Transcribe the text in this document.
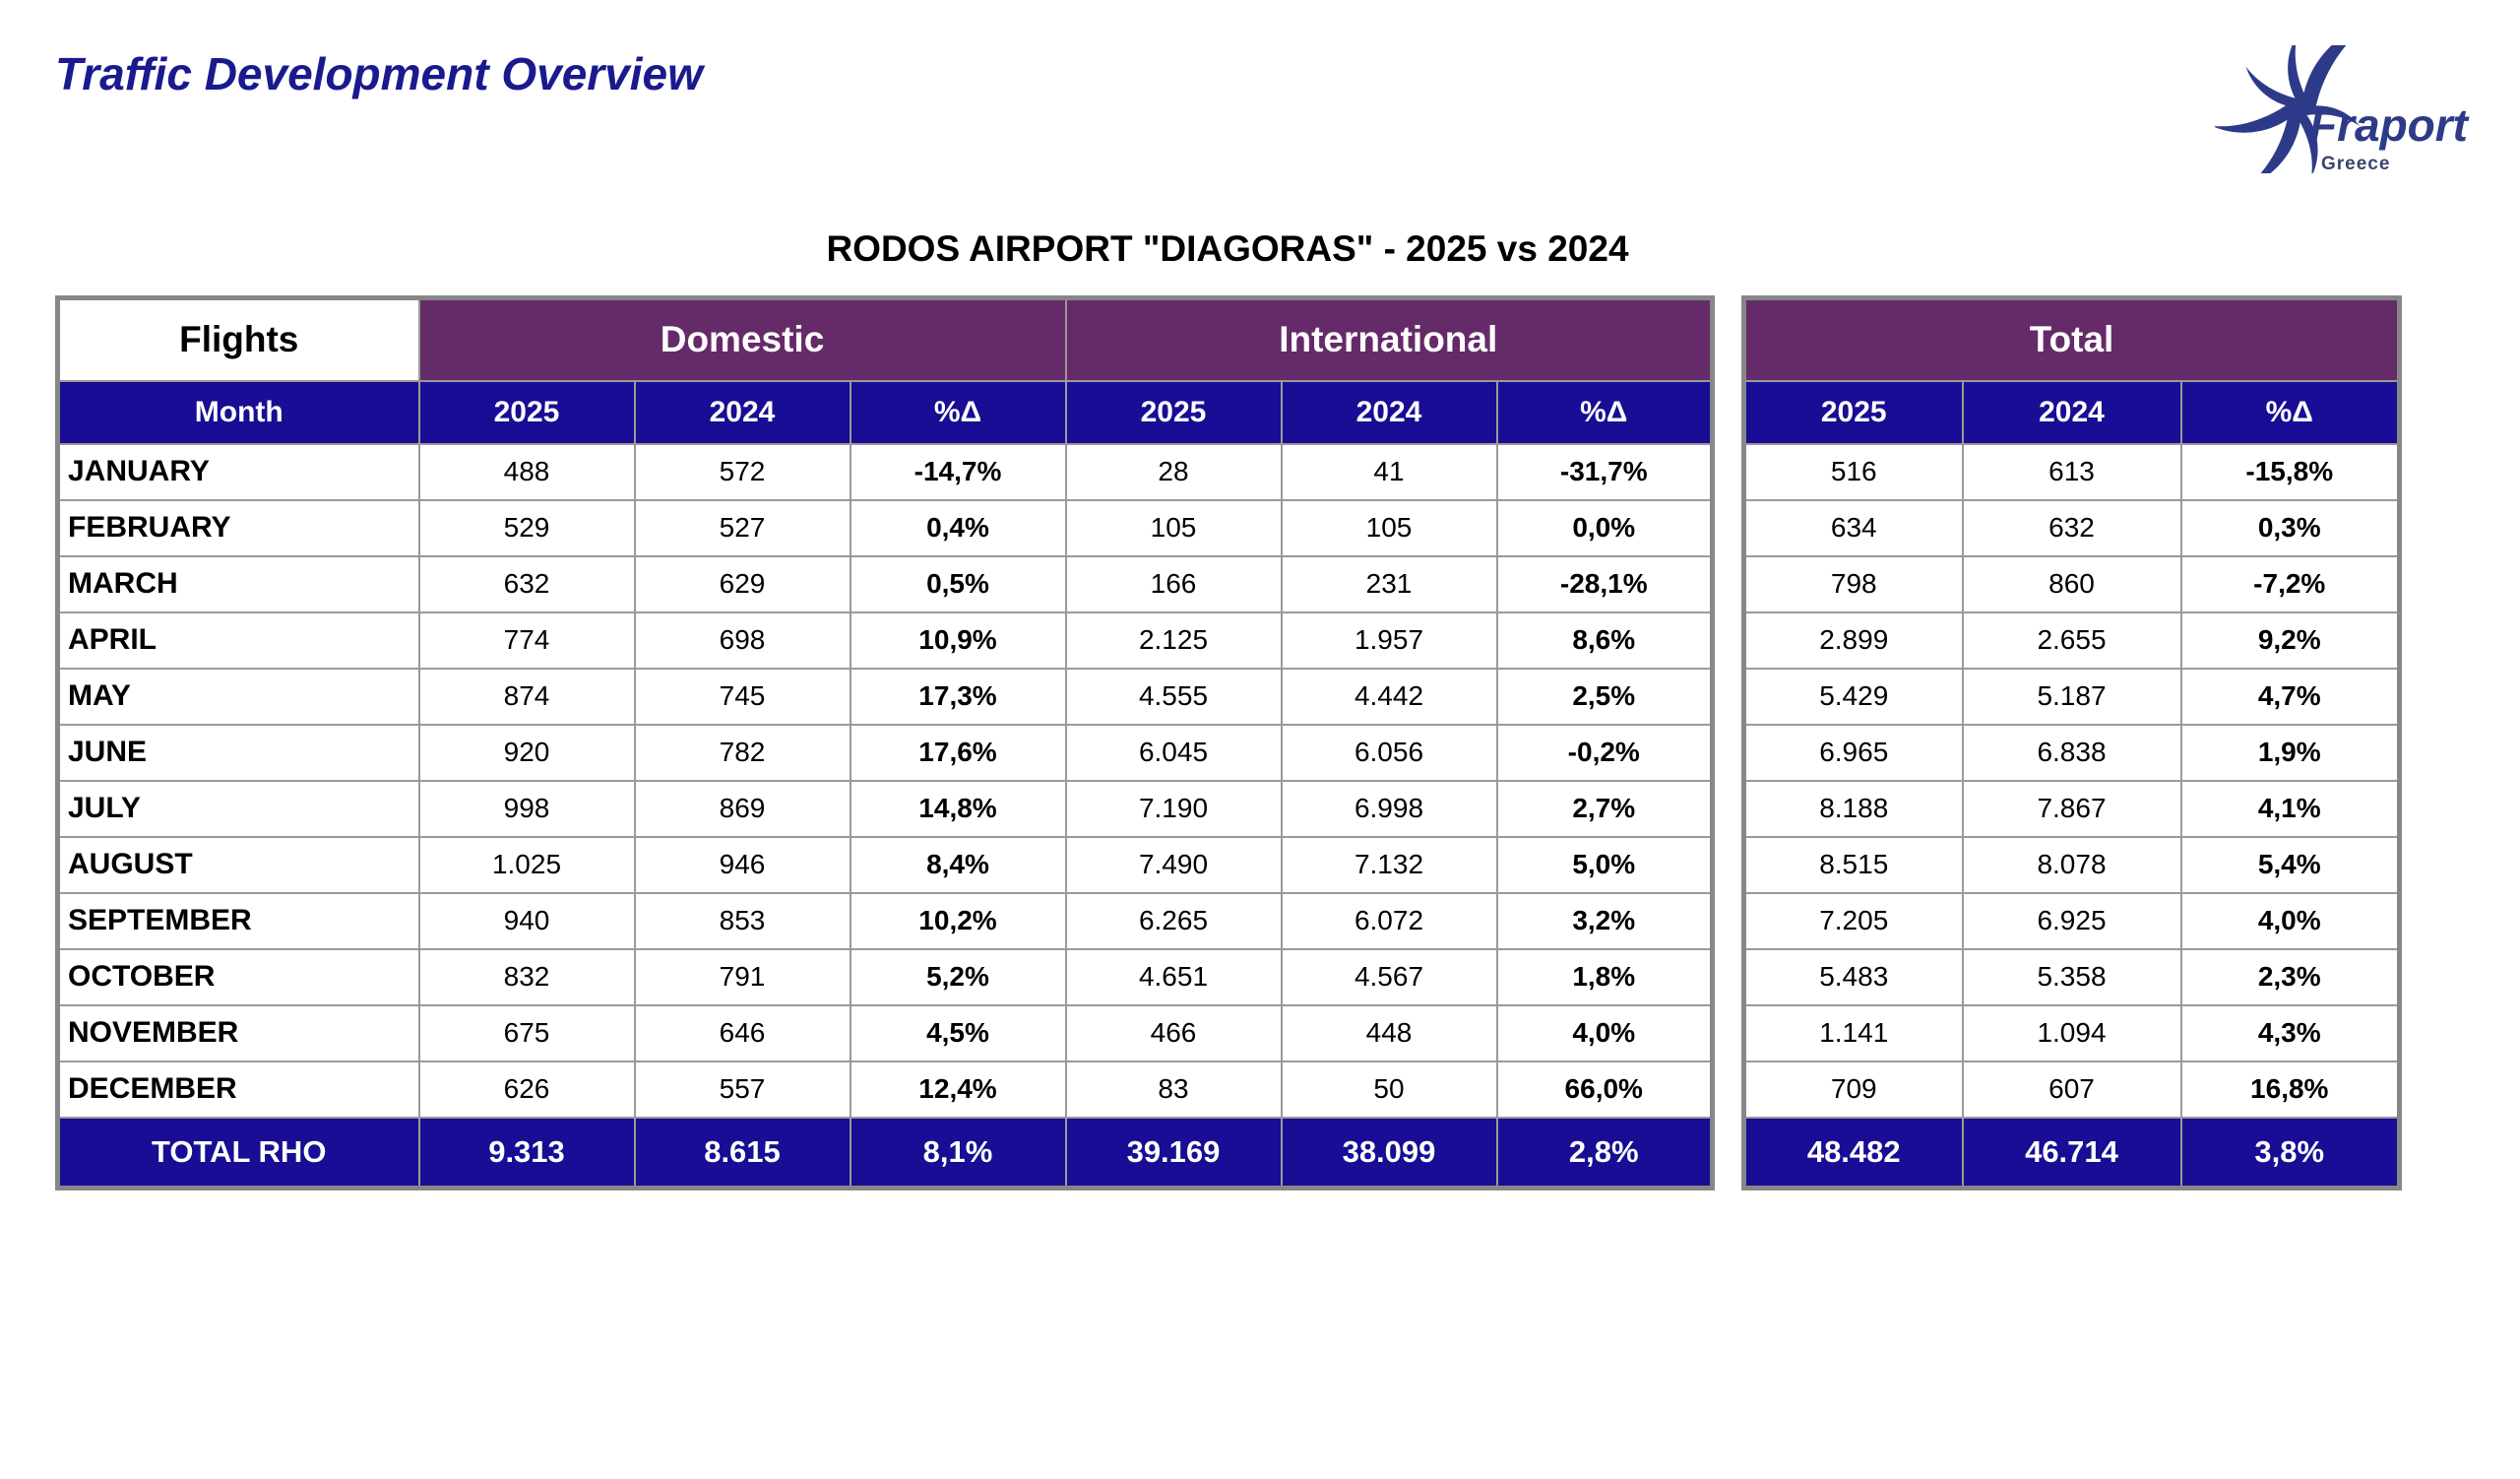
Traffic Development Overview
Fraport
Greece

RODOS AIRPORT "DIAGORAS" - 2025 vs 2024

Flights	Domestic			International		
Month	2025	2024	%Δ	2025	2024	%Δ
JANUARY	488	572	-14,7%	28	41	-31,7%
FEBRUARY	529	527	0,4%	105	105	0,0%
MARCH	632	629	0,5%	166	231	-28,1%
APRIL	774	698	10,9%	2.125	1.957	8,6%
MAY	874	745	17,3%	4.555	4.442	2,5%
JUNE	920	782	17,6%	6.045	6.056	-0,2%
JULY	998	869	14,8%	7.190	6.998	2,7%
AUGUST	1.025	946	8,4%	7.490	7.132	5,0%
SEPTEMBER	940	853	10,2%	6.265	6.072	3,2%
OCTOBER	832	791	5,2%	4.651	4.567	1,8%
NOVEMBER	675	646	4,5%	466	448	4,0%
DECEMBER	626	557	12,4%	83	50	66,0%
TOTAL RHO	9.313	8.615	8,1%	39.169	38.099	2,8%
Total		
2025	2024	%Δ
516	613	-15,8%
634	632	0,3%
798	860	-7,2%
2.899	2.655	9,2%
5.429	5.187	4,7%
6.965	6.838	1,9%
8.188	7.867	4,1%
8.515	8.078	5,4%
7.205	6.925	4,0%
5.483	5.358	2,3%
1.141	1.094	4,3%
709	607	16,8%
48.482	46.714	3,8%
